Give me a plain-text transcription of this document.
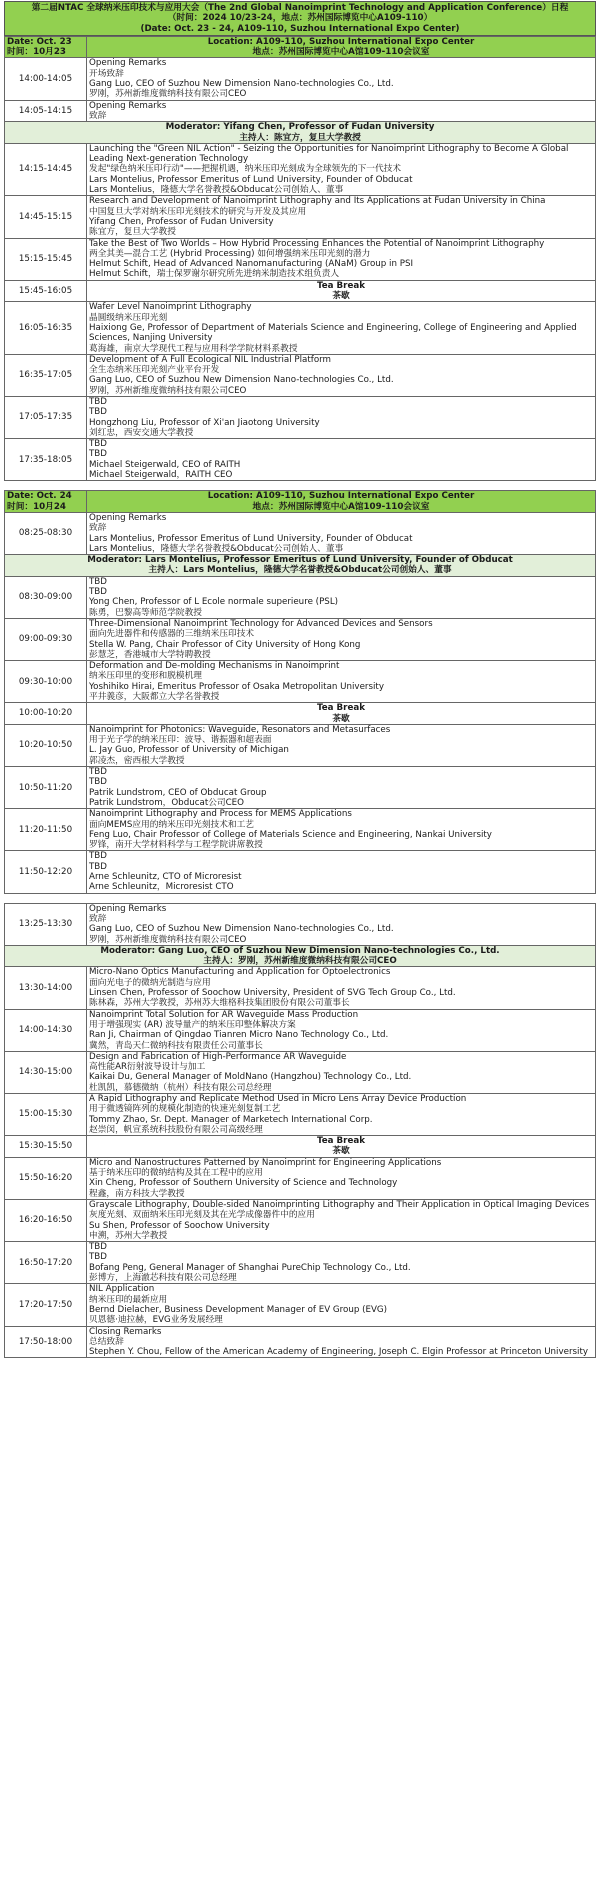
第二届NTAC 全球纳米压印技术与应用大会（The 2nd Global Nanoimprint Technology and Application Conference）日程
（时间：2024 10/23-24，地点：苏州国际博览中心A109-110）
(Date: Oct. 23 - 24, A109-110, Suzhou International Expo Center)
Date: Oct. 23
时间：10月23	Location: A109-110, Suzhou International Expo Center
地点：苏州国际博览中心A馆109-110会议室

14:00-14:05	Opening Remarks
开场致辞
Gang Luo, CEO of Suzhou New Dimension Nano-technologies Co., Ltd.
罗刚，苏州新维度微纳科技有限公司CEO

14:05-14:15	Opening Remarks
致辞

Moderator: Yifang Chen, Professor of Fudan University
主持人：陈宜方，复旦大学教授	

14:15-14:45	Launching the "Green NIL Action" - Seizing the Opportunities for Nanoimprint Lithography to Become A Global Leading Next-generation Technology
发起"绿色纳米压印行动"——把握机遇，纳米压印光刻成为全球领先的下一代技术
Lars Montelius, Professor Emeritus of Lund University, Founder of Obducat
Lars Montelius，隆德大学名誉教授&Obducat公司创始人、董事

14:45-15:15	Research and Development of Nanoimprint Lithography and Its Applications at Fudan University in China
中国复旦大学对纳米压印光刻技术的研究与开发及其应用
Yifang Chen, Professor of Fudan University
陈宜方，复旦大学教授

15:15-15:45	Take the Best of Two Worlds – How Hybrid Processing Enhances the Potential of Nanoimprint Lithography
两全其美—混合工艺 (Hybrid Processing) 如何增强纳米压印光刻的潜力
Helmut Schift, Head of Advanced Nanomanufacturing (ANaM) Group in PSI
Helmut Schift，瑞士保罗谢尔研究所先进纳米制造技术组负责人

15:45-16:05	Tea Break
茶歇

16:05-16:35	Wafer Level Nanoimprint Lithography
晶圆级纳米压印光刻
Haixiong Ge, Professor of Department of Materials Science and Engineering, College of Engineering and Applied Sciences, Nanjing University
葛海雄，南京大学现代工程与应用科学学院材料系教授

16:35-17:05	Development of A Full Ecological NIL Industrial Platform
全生态纳米压印光刻产业平台开发
Gang Luo, CEO of Suzhou New Dimension Nano-technologies Co., Ltd.
罗刚，苏州新维度微纳科技有限公司CEO

17:05-17:35	TBD
TBD
Hongzhong Liu, Professor of Xi'an Jiaotong University
刘红忠，西安交通大学教授

17:35-18:05	TBD
TBD
Michael Steigerwald, CEO of RAITH
Michael Steigerwald，RAITH CEO
Date: Oct. 24
时间：10月24	Location: A109-110, Suzhou International Expo Center
地点：苏州国际博览中心A馆109-110会议室

08:25-08:30	Opening Remarks
致辞
Lars Montelius, Professor Emeritus of Lund University, Founder of Obducat
Lars Montelius，隆德大学名誉教授&Obducat公司创始人、董事

Moderator: Lars Montelius, Professor Emeritus of Lund University, Founder of Obducat
主持人：Lars Montelius，隆德大学名誉教授&Obducat公司创始人、董事	

08:30-09:00	TBD
TBD
Yong Chen, Professor of L Ecole normale superieure (PSL)
陈勇，巴黎高等师范学院教授

09:00-09:30	Three-Dimensional Nanoimprint Technology for Advanced Devices and Sensors
面向先进器件和传感器的三维纳米压印技术
Stella W. Pang, Chair Professor of City University of Hong Kong
彭慧芝，香港城市大学特聘教授

09:30-10:00	Deformation and De-molding Mechanisms in Nanoimprint
纳米压印里的变形和脱模机理
Yoshihiko Hirai, Emeritus Professor of Osaka Metropolitan University
平井義彦，大阪都立大学名誉教授

10:00-10:20	Tea Break
茶歇

10:20-10:50	Nanoimprint for Photonics: Waveguide, Resonators and Metasurfaces
用于光子学的纳米压印：波导、谐振器和超表面
L. Jay Guo, Professor of University of Michigan
郭凌杰，密西根大学教授

10:50-11:20	TBD
TBD
Patrik Lundstrom, CEO of Obducat Group
Patrik Lundstrom，Obducat公司CEO

11:20-11:50	Nanoimprint Lithography and Process for MEMS Applications
面向MEMS应用的纳米压印光刻技术和工艺
Feng Luo, Chair Professor of College of Materials Science and Engineering, Nankai University
罗锋，南开大学材料科学与工程学院讲席教授

11:50-12:20	TBD
TBD
Arne Schleunitz, CTO of Microresist
Arne Schleunitz，Microresist CTO
13:25-13:30	Opening Remarks
致辞
Gang Luo, CEO of Suzhou New Dimension Nano-technologies Co., Ltd.
罗刚，苏州新维度微纳科技有限公司CEO

Moderator: Gang Luo, CEO of Suzhou New Dimension Nano-technologies Co., Ltd.
主持人：罗刚，苏州新维度微纳科技有限公司CEO	

13:30-14:00	Micro-Nano Optics Manufacturing and Application for Optoelectronics
面向光电子的微纳光制造与应用
Linsen Chen, Professor of Soochow University, President of SVG Tech Group Co., Ltd.
陈林森，苏州大学教授，苏州苏大维格科技集团股份有限公司董事长

14:00-14:30	Nanoimprint Total Solution for AR Waveguide Mass Production
用于增强现实 (AR) 波导量产的纳米压印整体解决方案
Ran Ji, Chairman of Qingdao Tianren Micro Nano Technology Co., Ltd.
冀然，青岛天仁微纳科技有限责任公司董事长

14:30-15:00	Design and Fabrication of High-Performance AR Waveguide
高性能AR衍射波导设计与加工
Kaikai Du, General Manager of MoldNano (Hangzhou) Technology Co., Ltd.
杜凯凯，慕德微纳（杭州）科技有限公司总经理

15:00-15:30	A Rapid Lithography and Replicate Method Used in Micro Lens Array Device Production
用于微透镜阵列的规模化制造的快速光刻复制工艺
Tommy Zhao, Sr. Dept. Manager of Marketech International Corp.
赵崇闵，帆宣系统科技股份有限公司高级经理

15:30-15:50	Tea Break
茶歇

15:50-16:20	Micro and Nanostructures Patterned by Nanoimprint for Engineering Applications
基于纳米压印的微纳结构及其在工程中的应用
Xin Cheng, Professor of Southern University of Science and Technology
程鑫，南方科技大学教授

16:20-16:50	Grayscale Lithography, Double-sided Nanoimprinting Lithography and Their Application in Optical Imaging Devices
灰度光刻、双面纳米压印光刻及其在光学成像器件中的应用
Su Shen, Professor of Soochow University
申溯，苏州大学教授

16:50-17:20	TBD
TBD
Bofang Peng, General Manager of Shanghai PureChip Technology Co., Ltd.
彭博方，上海澈芯科技有限公司总经理

17:20-17:50	NIL Application
纳米压印的最新应用
Bernd Dielacher, Business Development Manager of EV Group (EVG)
贝恩德·迪拉赫，EVG业务发展经理

17:50-18:00	Closing Remarks
总结致辞
Stephen Y. Chou, Fellow of the American Academy of Engineering, Joseph C. Elgin Professor at Princeton University
